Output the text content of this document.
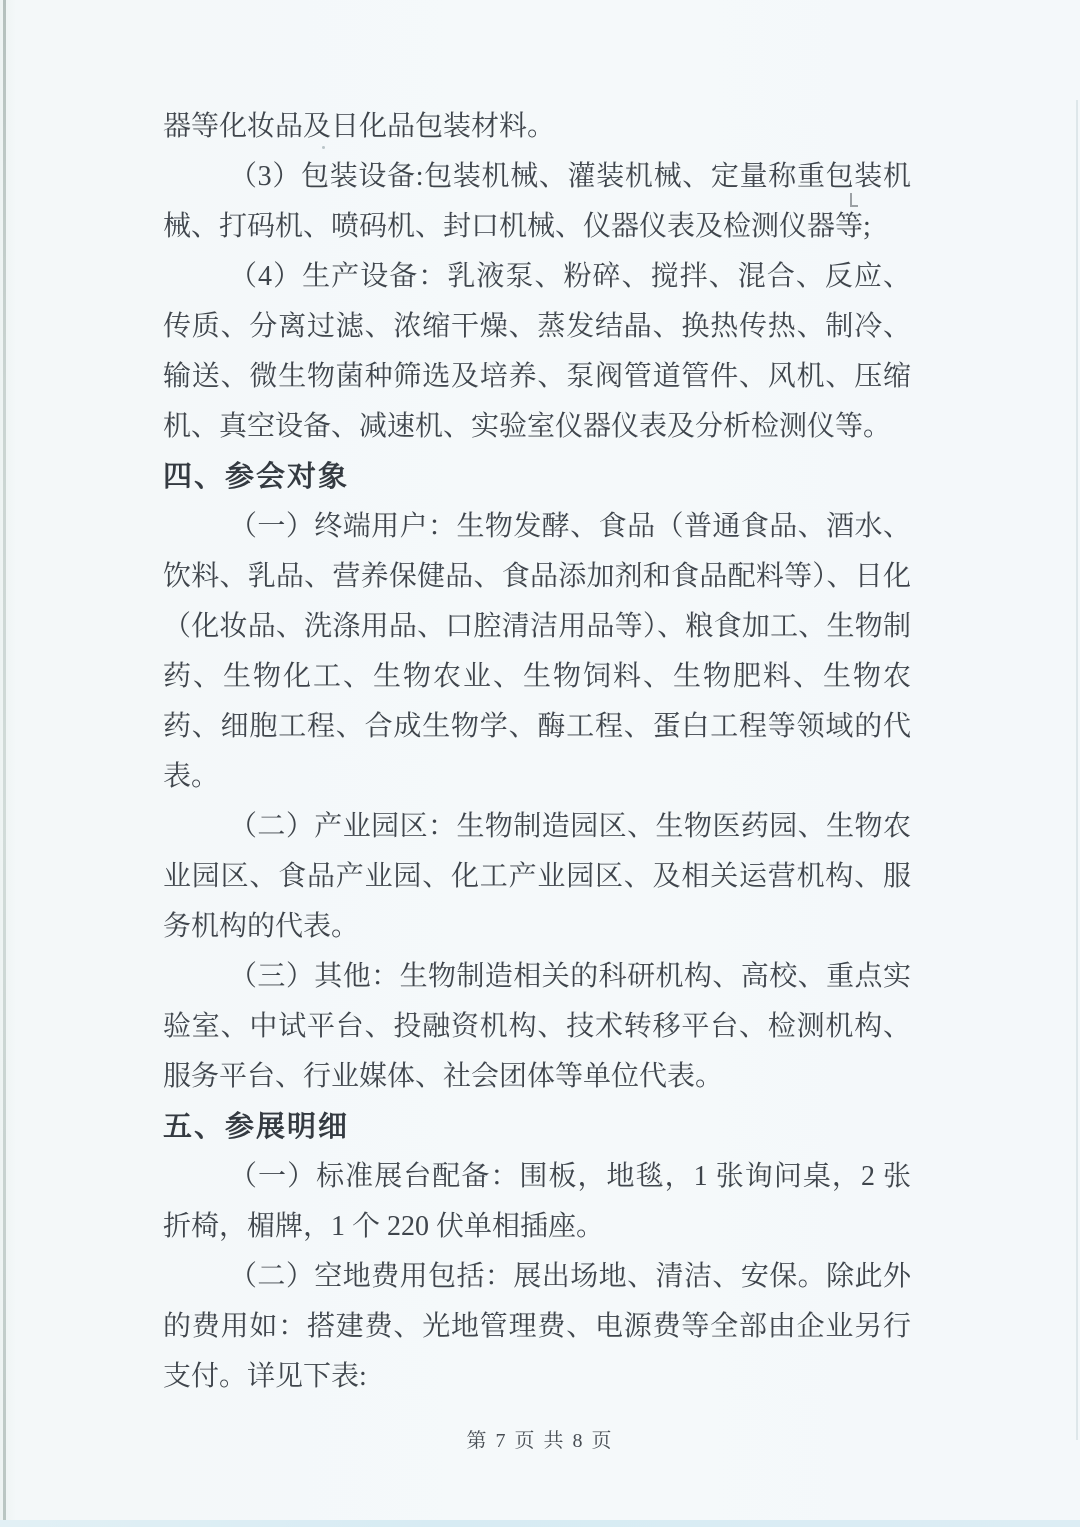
器等化妆品及日化品包装材料。

（3）包装设备:包装机械、灌装机械、定量称重包装机械、打码机、喷码机、封口机械、仪器仪表及检测仪器等;

（4）生产设备：乳液泵、粉碎、搅拌、混合、反应、传质、分离过滤、浓缩干燥、蒸发结晶、换热传热、制冷、输送、微生物菌种筛选及培养、泵阀管道管件、风机、压缩机、真空设备、减速机、实验室仪器仪表及分析检测仪等。

四、参会对象

（一）终端用户：生物发酵、食品（普通食品、酒水、饮料、乳品、营养保健品、食品添加剂和食品配料等）、日化（化妆品、洗涤用品、口腔清洁用品等）、粮食加工、生物制药、生物化工、生物农业、生物饲料、生物肥料、生物农药、细胞工程、合成生物学、酶工程、蛋白工程等领域的代表。

（二）产业园区：生物制造园区、生物医药园、生物农业园区、食品产业园、化工产业园区、及相关运营机构、服务机构的代表。

（三）其他：生物制造相关的科研机构、高校、重点实验室、中试平台、投融资机构、技术转移平台、检测机构、服务平台、行业媒体、社会团体等单位代表。

五、参展明细

（一）标准展台配备：围板，地毯，1 张询问桌，2 张折椅，楣牌，1 个 220 伏单相插座。

（二）空地费用包括：展出场地、清洁、安保。除此外的费用如：搭建费、光地管理费、电源费等全部由企业另行支付。详见下表:

第 7 页 共 8 页
